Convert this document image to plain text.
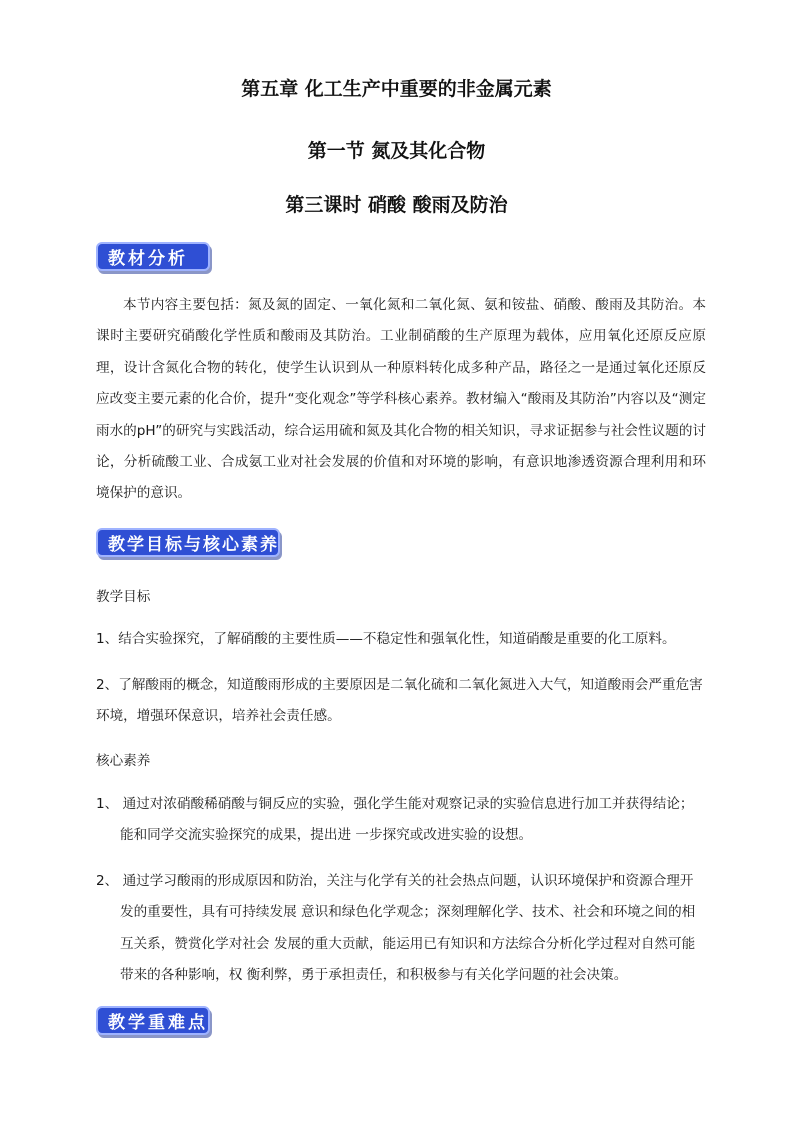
第五章 化工生产中重要的非金属元素
第一节 氮及其化合物
第三课时 硝酸 酸雨及防治
教材分析
本节内容主要包括：氮及氮的固定、一氧化氮和二氧化氮、氨和铵盐、硝酸、酸雨及其防治。本课时主要研究硝酸化学性质和酸雨及其防治。工业制硝酸的生产原理为载体，应用氧化还原反应原理，设计含氮化合物的转化，使学生认识到从一种原料转化成多种产品，路径之一是通过氧化还原反应改变主要元素的化合价，提升“变化观念”等学科核心素养。教材编入“酸雨及其防治”内容以及“测定雨水的pH”的研究与实践活动，综合运用硫和氮及其化合物的相关知识，寻求证据参与社会性议题的讨论，分析硫酸工业、合成氨工业对社会发展的价值和对环境的影响，有意识地渗透资源合理利用和环境保护的意识。
教学目标与核心素养
教学目标
1、结合实验探究，了解硝酸的主要性质——不稳定性和强氧化性，知道硝酸是重要的化工原料。
2、了解酸雨的概念，知道酸雨形成的主要原因是二氧化硫和二氧化氮进入大气，知道酸雨会严重危害环境，增强环保意识，培养社会责任感。
核心素养
1、 通过对浓硝酸稀硝酸与铜反应的实验，强化学生能对观察记录的实验信息进行加工并获得结论；能和同学交流实验探究的成果，提出进 一步探究或改进实验的设想。
2、 通过学习酸雨的形成原因和防治，关注与化学有关的社会热点问题，认识环境保护和资源合理开发的重要性，具有可持续发展 意识和绿色化学观念；深刻理解化学、技术、社会和环境之间的相互关系，赞赏化学对社会 发展的重大贡献，能运用已有知识和方法综合分析化学过程对自然可能带来的各种影响，权 衡利弊，勇于承担责任，和积极参与有关化学问题的社会决策。
教学重难点
